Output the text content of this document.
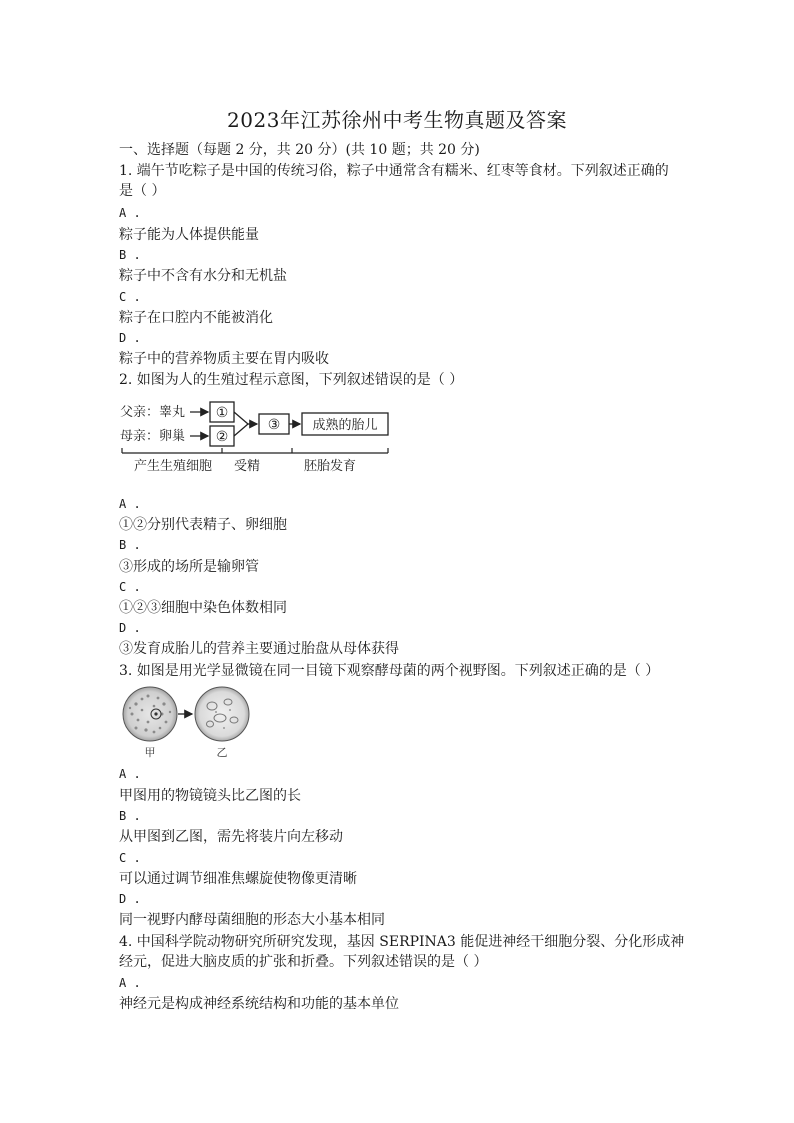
2023年江苏徐州中考生物真题及答案
一、选择题（每题 2 分，共 20 分）(共 10 题；共 20 分)
1. 端午节吃粽子是中国的传统习俗，粽子中通常含有糯米、红枣等食材。下列叙述正确的
是（ ）
A .
粽子能为人体提供能量
B .
粽子中不含有水分和无机盐
C .
粽子在口腔内不能被消化
D .
粽子中的营养物质主要在胃内吸收
2. 如图为人的生殖过程示意图，下列叙述错误的是（ ）
父亲：睾丸
母亲：卵巢
①
②
③ 成熟的胎儿
产生生殖细胞 受精	胚胎发育
A .
①②分别代表精子、卵细胞
B .
③形成的场所是输卵管
C .
①②③细胞中染色体数相同
D .
③发育成胎儿的营养主要通过胎盘从母体获得
3. 如图是用光学显微镜在同一目镜下观察酵母菌的两个视野图。下列叙述正确的是（ ）
甲	乙
A .
甲图用的物镜镜头比乙图的长
B .
从甲图到乙图，需先将装片向左移动
C .
可以通过调节细准焦螺旋使物像更清晰
D .
同一视野内酵母菌细胞的形态大小基本相同
4. 中国科学院动物研究所研究发现，基因 SERPINA3 能促进神经干细胞分裂、分化形成神
经元，促进大脑皮质的扩张和折叠。下列叙述错误的是（ ）
A .
神经元是构成神经系统结构和功能的基本单位
